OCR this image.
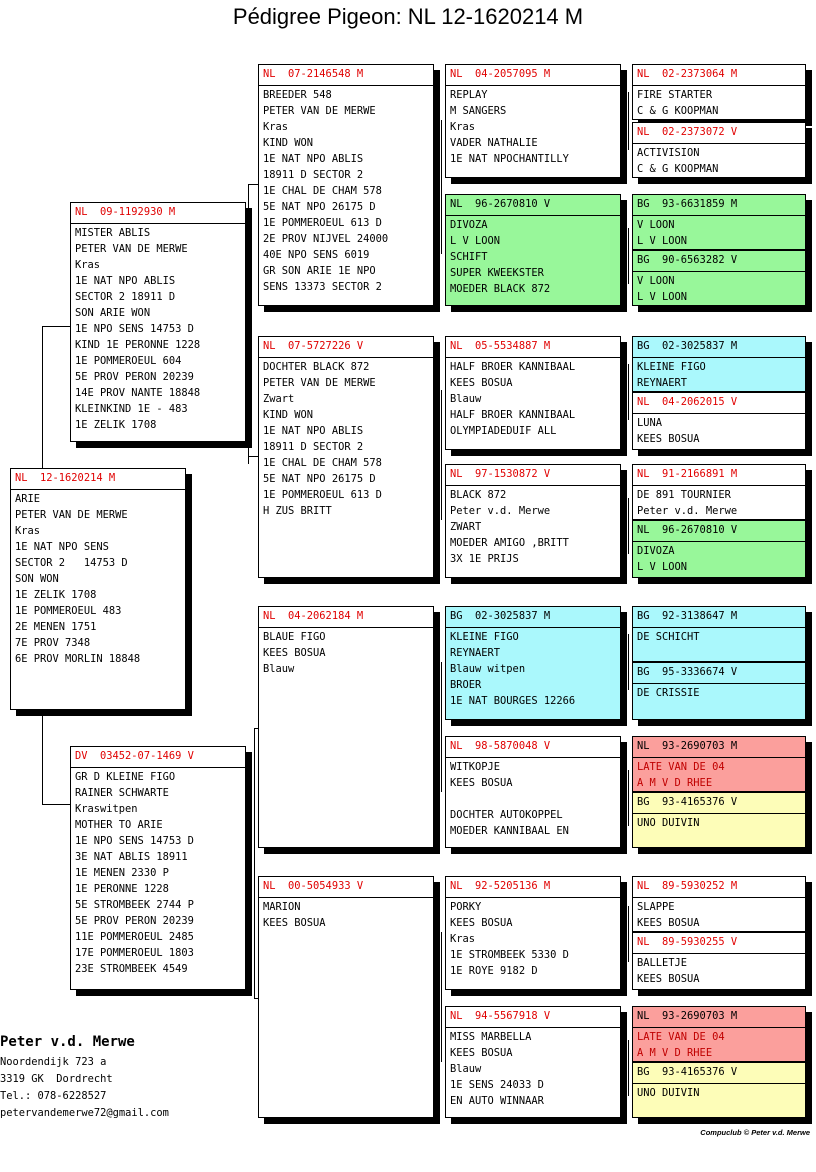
Pédigree Pigeon: NL 12-1620214 M
NL  12-1620214 M
ARIE
PETER VAN DE MERWE
Kras
1E NAT NPO SENS
SECTOR 2   14753 D
SON WON
1E ZELIK 1708
1E POMMEROEUL 483
2E MENEN 1751
7E PROV 7348
6E PROV MORLIN 18848
NL  09-1192930 M
MISTER ABLIS
PETER VAN DE MERWE
Kras
1E NAT NPO ABLIS
SECTOR 2 18911 D
SON ARIE WON
1E NPO SENS 14753 D
KIND 1E PERONNE 1228
1E POMMEROEUL 604
5E PROV PERON 20239
14E PROV NANTE 18848
KLEINKIND 1E - 483
1E ZELIK 1708
DV  03452-07-1469 V
GR D KLEINE FIGO
RAINER SCHWARTE
Kraswitpen
MOTHER TO ARIE
1E NPO SENS 14753 D
3E NAT ABLIS 18911
1E MENEN 2330 P
1E PERONNE 1228
5E STROMBEEK 2744 P
5E PROV PERON 20239
11E POMMEROEUL 2485
17E POMMEROEUL 1803
23E STROMBEEK 4549
NL  07-2146548 M
BREEDER 548
PETER VAN DE MERWE
Kras
KIND WON
1E NAT NPO ABLIS
18911 D SECTOR 2
1E CHAL DE CHAM 578
5E NAT NPO 26175 D
1E POMMEROEUL 613 D
2E PROV NIJVEL 24000
40E NPO SENS 6019
GR SON ARIE 1E NPO
SENS 13373 SECTOR 2
NL  07-5727226 V
DOCHTER BLACK 872
PETER VAN DE MERWE
Zwart
KIND WON
1E NAT NPO ABLIS
18911 D SECTOR 2
1E CHAL DE CHAM 578
5E NAT NPO 26175 D
1E POMMEROEUL 613 D
H ZUS BRITT
NL  04-2062184 M
BLAUE FIGO
KEES BOSUA
Blauw
NL  00-5054933 V
MARION
KEES BOSUA
NL  04-2057095 M
REPLAY
M SANGERS
Kras
VADER NATHALIE
1E NAT NPOCHANTILLY
NL  96-2670810 V
DIVOZA
L V LOON
SCHIFT
SUPER KWEEKSTER
MOEDER BLACK 872
NL  05-5534887 M
HALF BROER KANNIBAAL
KEES BOSUA
Blauw
HALF BROER KANNIBAAL
OLYMPIADEDUIF ALL
NL  97-1530872 V
BLACK 872
Peter v.d. Merwe
ZWART
MOEDER AMIGO ,BRITT
3X 1E PRIJS
BG  02-3025837 M
KLEINE FIGO
REYNAERT
Blauw witpen
BROER
1E NAT BOURGES 12266
NL  98-5870048 V
WITKOPJE
KEES BOSUA
DOCHTER AUTOKOPPEL
MOEDER KANNIBAAL EN
NL  92-5205136 M
PORKY
KEES BOSUA
Kras
1E STROMBEEK 5330 D
1E ROYE 9182 D
NL  94-5567918 V
MISS MARBELLA
KEES BOSUA
Blauw
1E SENS 24033 D
EN AUTO WINNAAR
NL  02-2373064 M
FIRE STARTER
C & G KOOPMAN
NL  02-2373072 V
ACTIVISION
C & G KOOPMAN
BG  93-6631859 M
V LOON
L V LOON
BG  90-6563282 V
V LOON
L V LOON
BG  02-3025837 M
KLEINE FIGO
REYNAERT
NL  04-2062015 V
LUNA
KEES BOSUA
NL  91-2166891 M
DE 891 TOURNIER
Peter v.d. Merwe
NL  96-2670810 V
DIVOZA
L V LOON
BG  92-3138647 M
DE SCHICHT
BG  95-3336674 V
DE CRISSIE
NL  93-2690703 M
LATE VAN DE 04
A M V D RHEE
BG  93-4165376 V
UNO DUIVIN
NL  89-5930252 M
SLAPPE
KEES BOSUA
NL  89-5930255 V
BALLETJE
KEES BOSUA
NL  93-2690703 M
LATE VAN DE 04
A M V D RHEE
BG  93-4165376 V
UNO DUIVIN
Peter v.d. Merwe
Noordendijk 723 a
3319 GK  Dordrecht
Tel.: 078-6228527
petervandemerwe72@gmail.com
Compuclub © Peter v.d. Merwe
